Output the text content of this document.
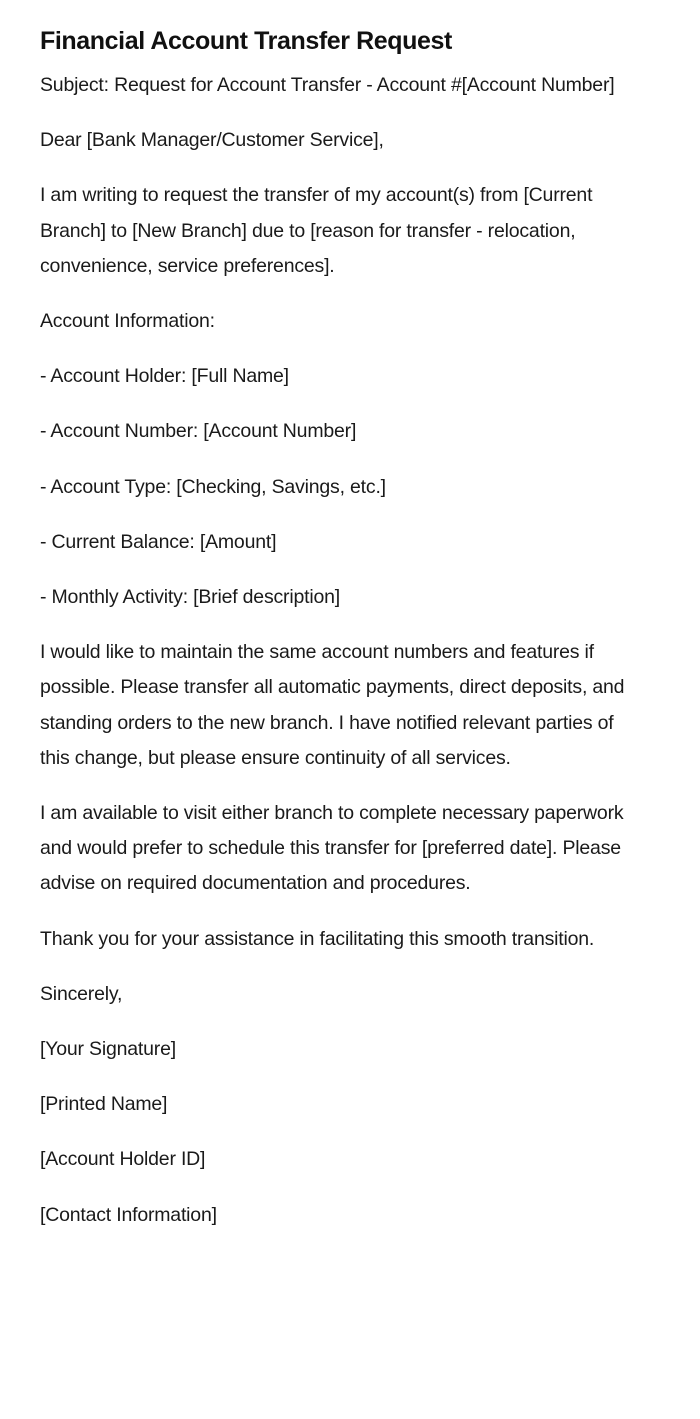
Financial Account Transfer Request

Subject: Request for Account Transfer - Account #[Account Number]

Dear [Bank Manager/Customer Service],

I am writing to request the transfer of my account(s) from [Current Branch] to [New Branch] due to [reason for transfer - relocation, convenience, service preferences].

Account Information:

- Account Holder: [Full Name]

- Account Number: [Account Number]

- Account Type: [Checking, Savings, etc.]

- Current Balance: [Amount]

- Monthly Activity: [Brief description]

I would like to maintain the same account numbers and features if possible. Please transfer all automatic payments, direct deposits, and standing orders to the new branch. I have notified relevant parties of this change, but please ensure continuity of all services.

I am available to visit either branch to complete necessary paperwork and would prefer to schedule this transfer for [preferred date]. Please advise on required documentation and procedures.

Thank you for your assistance in facilitating this smooth transition.

Sincerely,

[Your Signature]

[Printed Name]

[Account Holder ID]

[Contact Information]
